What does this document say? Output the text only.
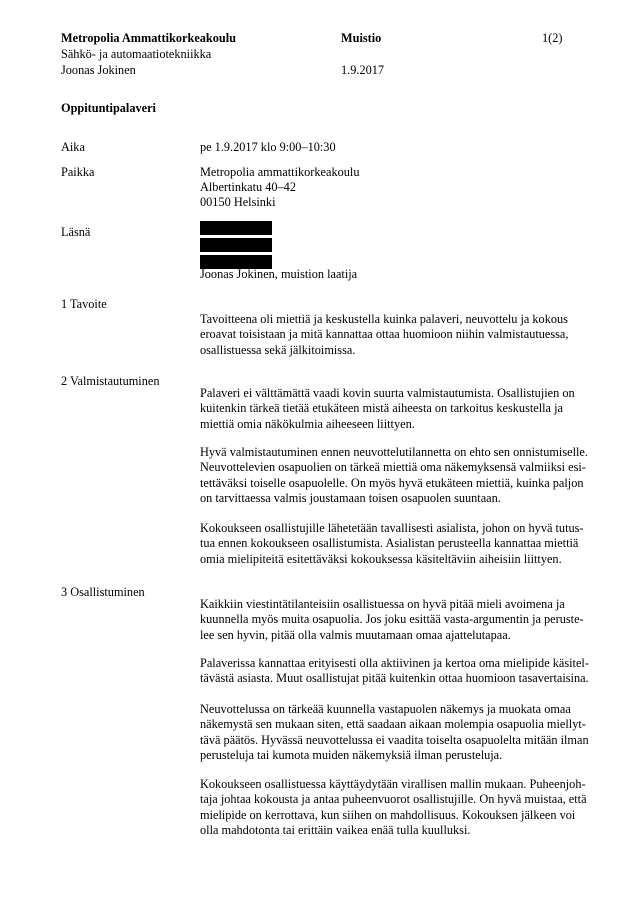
Metropolia Ammattikorkeakoulu	Muistio	1(2)
Sähkö- ja automaatiotekniikka
Joonas Jokinen	1.9.2017
Oppituntipalaveri
Aika	pe 1.9.2017 klo 9:00–10:30
Paikka	Metropolia ammattikorkeakoulu
Albertinkatu 40–42
00150 Helsinki
Läsnä
Joonas Jokinen, muistion laatija
1 Tavoite
Tavoitteena oli miettiä ja keskustella kuinka palaveri, neuvottelu ja kokous
eroavat toisistaan ja mitä kannattaa ottaa huomioon niihin valmistautuessa,
osallistuessa sekä jälkitoimissa.
2 Valmistautuminen
Palaveri ei välttämättä vaadi kovin suurta valmistautumista. Osallistujien on
kuitenkin tärkeä tietää etukäteen mistä aiheesta on tarkoitus keskustella ja
miettiä omia näkökulmia aiheeseen liittyen.
Hyvä valmistautuminen ennen neuvottelutilannetta on ehto sen onnistumiselle.
Neuvottelevien osapuolien on tärkeä miettiä oma näkemyksensä valmiiksi esi-
tettäväksi toiselle osapuolelle. On myös hyvä etukäteen miettiä, kuinka paljon
on tarvittaessa valmis joustamaan toisen osapuolen suuntaan.
Kokoukseen osallistujille lähetetään tavallisesti asialista, johon on hyvä tutus-
tua ennen kokoukseen osallistumista. Asialistan perusteella kannattaa miettiä
omia mielipiteitä esitettäväksi kokouksessa käsiteltäviin aiheisiin liittyen.
3 Osallistuminen
Kaikkiin viestintätilanteisiin osallistuessa on hyvä pitää mieli avoimena ja
kuunnella myös muita osapuolia. Jos joku esittää vasta-argumentin ja peruste-
lee sen hyvin, pitää olla valmis muutamaan omaa ajattelutapaa.
Palaverissa kannattaa erityisesti olla aktiivinen ja kertoa oma mielipide käsitel-
tävästä asiasta. Muut osallistujat pitää kuitenkin ottaa huomioon tasavertaisina.
Neuvottelussa on tärkeää kuunnella vastapuolen näkemys ja muokata omaa
näkemystä sen mukaan siten, että saadaan aikaan molempia osapuolia miellyt-
tävä päätös. Hyvässä neuvottelussa ei vaadita toiselta osapuolelta mitään ilman
perusteluja tai kumota muiden näkemyksiä ilman perusteluja.
Kokoukseen osallistuessa käyttäydytään virallisen mallin mukaan. Puheenjoh-
taja johtaa kokousta ja antaa puheenvuorot osallistujille. On hyvä muistaa, että
mielipide on kerrottava, kun siihen on mahdollisuus. Kokouksen jälkeen voi
olla mahdotonta tai erittäin vaikea enää tulla kuulluksi.
